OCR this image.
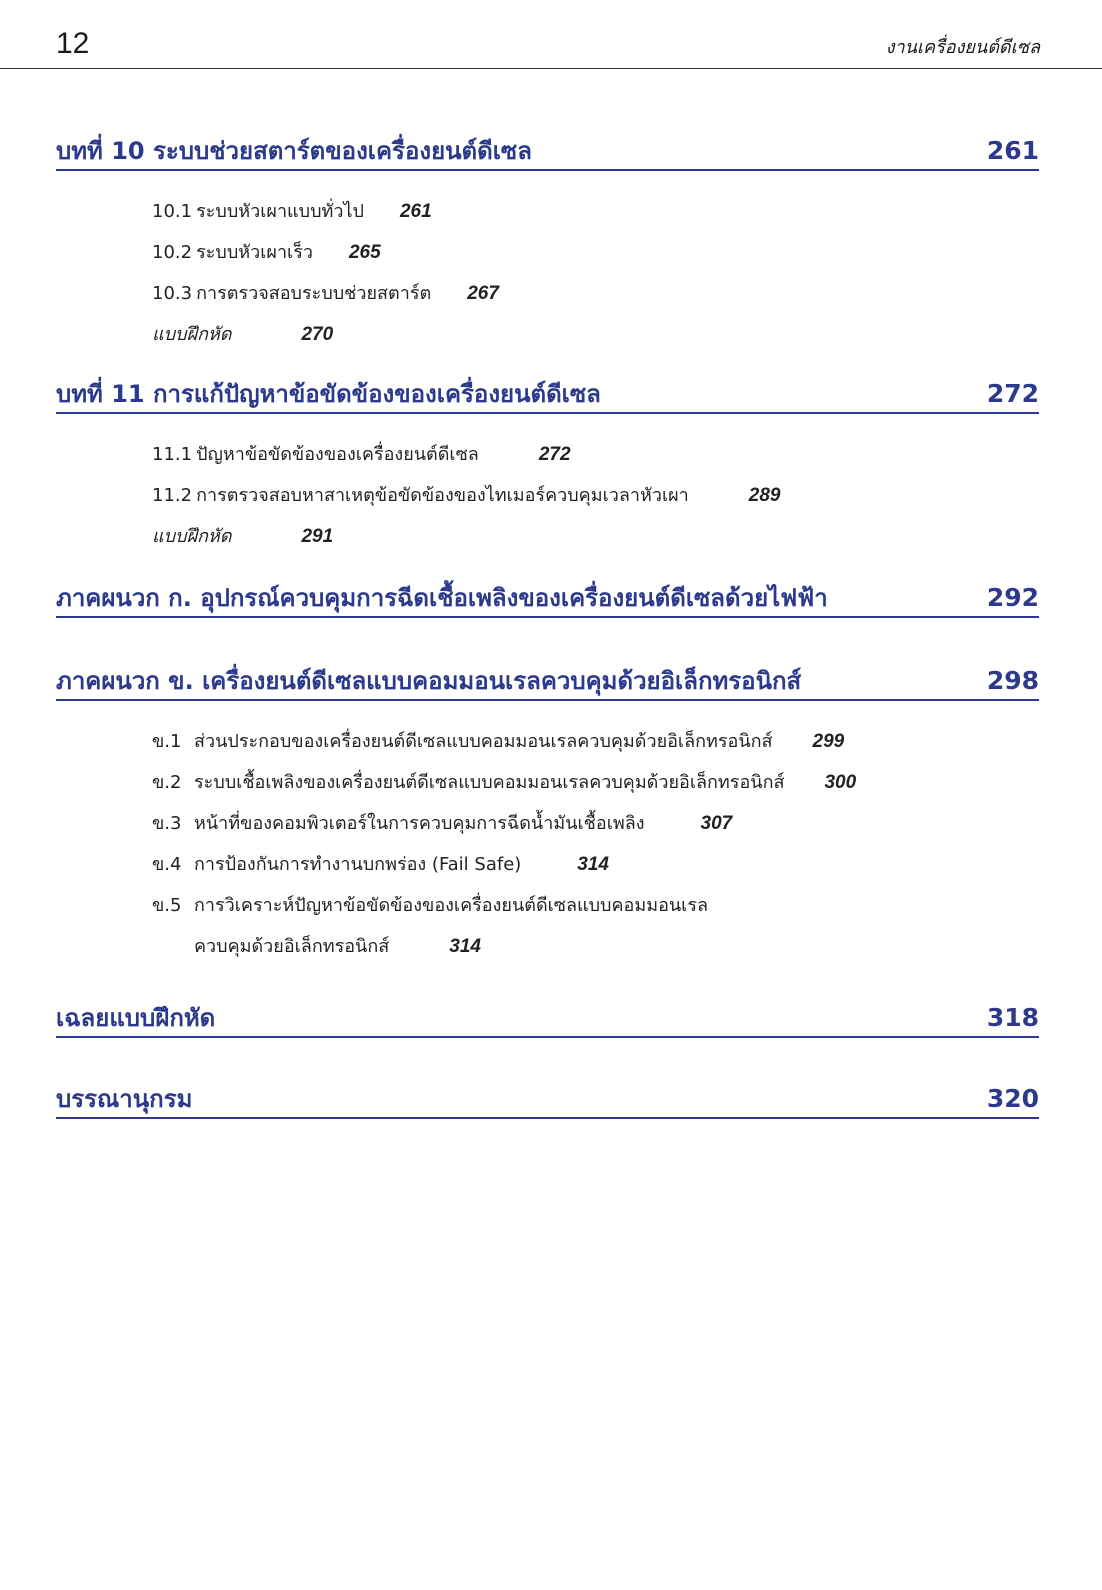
12	งานเครื่องยนต์ดีเซล
บทที่ 10 ระบบช่วยสตาร์ตของเครื่องยนต์ดีเซล	261
10.1 ระบบหัวเผาแบบทั่วไป 261
10.2 ระบบหัวเผาเร็ว 265
10.3 การตรวจสอบระบบช่วยสตาร์ต 267
แบบฝึกหัด	270
บทที่ 11 การแก้ปัญหาข้อขัดข้องของเครื่องยนต์ดีเซล	272
11.1 ปัญหาข้อขัดข้องของเครื่องยนต์ดีเซล	272
11.2 การตรวจสอบหาสาเหตุข้อขัดข้องของไทเมอร์ควบคุมเวลาหัวเผา	289
แบบฝึกหัด	291
ภาคผนวก ก. อุปกรณ์ควบคุมการฉีดเชื้อเพลิงของเครื่องยนต์ดีเซลด้วยไฟฟ้า	292
ภาคผนวก ข. เครื่องยนต์ดีเซลแบบคอมมอนเรลควบคุมด้วยอิเล็กทรอนิกส์	298
ข.1 ส่วนประกอบของเครื่องยนต์ดีเซลแบบคอมมอนเรลควบคุมด้วยอิเล็กทรอนิกส์ 299
ข.2 ระบบเชื้อเพลิงของเครื่องยนต์ดีเซลแบบคอมมอนเรลควบคุมด้วยอิเล็กทรอนิกส์ 300
ข.3 หน้าที่ของคอมพิวเตอร์ในการควบคุมการฉีดน้ำมันเชื้อเพลิง	307
ข.4 การป้องกันการทำงานบกพร่อง (Fail Safe)	314
ข.5 การวิเคราะห์ปัญหาข้อขัดข้องของเครื่องยนต์ดีเซลแบบคอมมอนเรล
ควบคุมด้วยอิเล็กทรอนิกส์	314
เฉลยแบบฝึกหัด	318
บรรณานุกรม	320
